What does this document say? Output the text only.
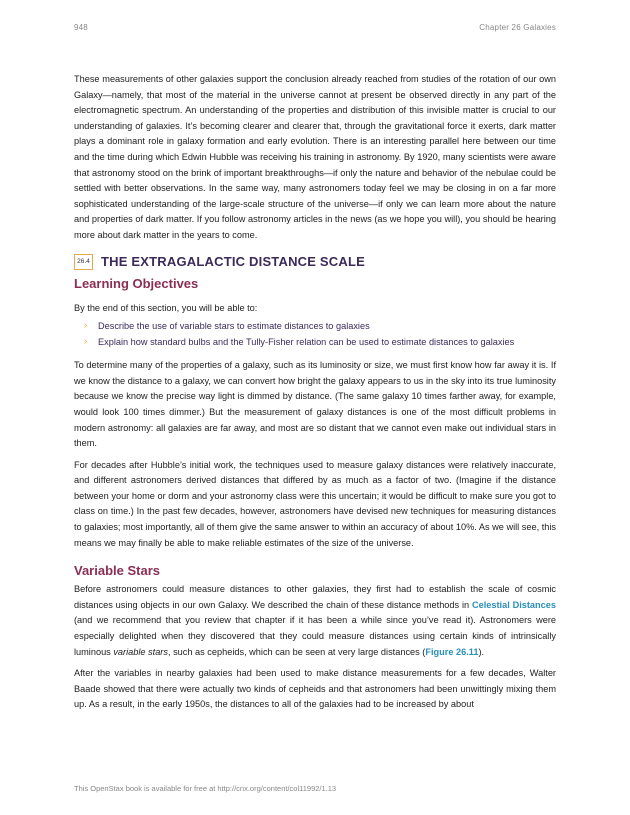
948	Chapter 26 Galaxies

These measurements of other galaxies support the conclusion already reached from studies of the rotation of our own Galaxy—namely, that most of the material in the universe cannot at present be observed directly in any part of the electromagnetic spectrum. An understanding of the properties and distribution of this invisible matter is crucial to our understanding of galaxies. It’s becoming clearer and clearer that, through the gravitational force it exerts, dark matter plays a dominant role in galaxy formation and early evolution. There is an interesting parallel here between our time and the time during which Edwin Hubble was receiving his training in astronomy. By 1920, many scientists were aware that astronomy stood on the brink of important breakthroughs—if only the nature and behavior of the nebulae could be settled with better observations. In the same way, many astronomers today feel we may be closing in on a far more sophisticated understanding of the large-scale structure of the universe—if only we can learn more about the nature and properties of dark matter. If you follow astronomy articles in the news (as we hope you will), you should be hearing more about dark matter in the years to come.

26.4 THE EXTRAGALACTIC DISTANCE SCALE
Learning Objectives

By the end of this section, you will be able to:

› Describe the use of variable stars to estimate distances to galaxies
› Explain how standard bulbs and the Tully-Fisher relation can be used to estimate distances to galaxies

To determine many of the properties of a galaxy, such as its luminosity or size, we must first know how far away it is. If we know the distance to a galaxy, we can convert how bright the galaxy appears to us in the sky into its true luminosity because we know the precise way light is dimmed by distance. (The same galaxy 10 times farther away, for example, would look 100 times dimmer.) But the measurement of galaxy distances is one of the most difficult problems in modern astronomy: all galaxies are far away, and most are so distant that we cannot even make out individual stars in them.

For decades after Hubble’s initial work, the techniques used to measure galaxy distances were relatively inaccurate, and different astronomers derived distances that differed by as much as a factor of two. (Imagine if the distance between your home or dorm and your astronomy class were this uncertain; it would be difficult to make sure you got to class on time.) In the past few decades, however, astronomers have devised new techniques for measuring distances to galaxies; most importantly, all of them give the same answer to within an accuracy of about 10%. As we will see, this means we may finally be able to make reliable estimates of the size of the universe.

Variable Stars

Before astronomers could measure distances to other galaxies, they first had to establish the scale of cosmic distances using objects in our own Galaxy. We described the chain of these distance methods in Celestial Distances (and we recommend that you review that chapter if it has been a while since you’ve read it). Astronomers were especially delighted when they discovered that they could measure distances using certain kinds of intrinsically luminous variable stars, such as cepheids, which can be seen at very large distances (Figure 26.11).

After the variables in nearby galaxies had been used to make distance measurements for a few decades, Walter Baade showed that there were actually two kinds of cepheids and that astronomers had been unwittingly mixing them up. As a result, in the early 1950s, the distances to all of the galaxies had to be increased by about

This OpenStax book is available for free at http://cnx.org/content/col11992/1.13
